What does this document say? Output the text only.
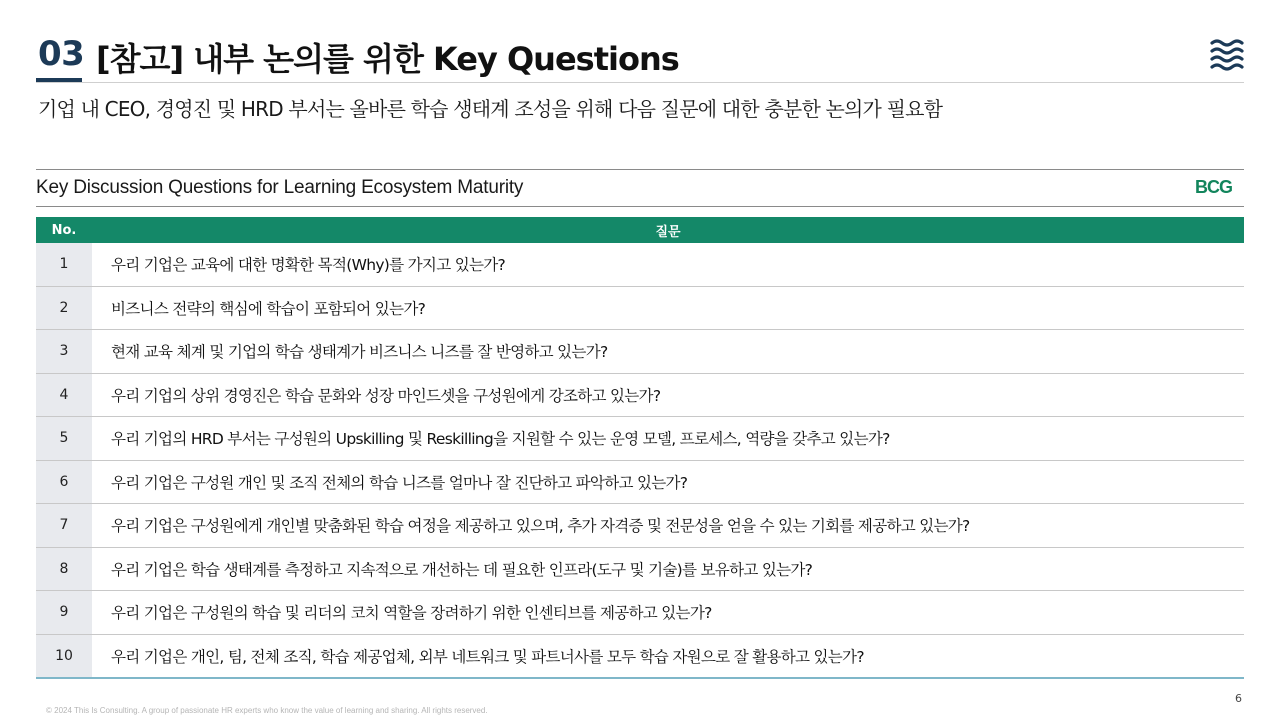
03 [참고] 내부 논의를 위한 Key Questions
기업 내 CEO, 경영진 및 HRD 부서는 올바른 학습 생태계 조성을 위해 다음 질문에 대한 충분한 논의가 필요함
Key Discussion Questions for Learning Ecosystem Maturity	BCG
No.	질문
1	우리 기업은 교육에 대한 명확한 목적(Why)를 가지고 있는가?
2	비즈니스 전략의 핵심에 학습이 포함되어 있는가?
3	현재 교육 체계 및 기업의 학습 생태계가 비즈니스 니즈를 잘 반영하고 있는가?
4	우리 기업의 상위 경영진은 학습 문화와 성장 마인드셋을 구성원에게 강조하고 있는가?
5	우리 기업의 HRD 부서는 구성원의 Upskilling 및 Reskilling을 지원할 수 있는 운영 모델, 프로세스, 역량을 갖추고 있는가?
6	우리 기업은 구성원 개인 및 조직 전체의 학습 니즈를 얼마나 잘 진단하고 파악하고 있는가?
7	우리 기업은 구성원에게 개인별 맞춤화된 학습 여정을 제공하고 있으며, 추가 자격증 및 전문성을 얻을 수 있는 기회를 제공하고 있는가?
8	우리 기업은 학습 생태계를 측정하고 지속적으로 개선하는 데 필요한 인프라(도구 및 기술)를 보유하고 있는가?
9	우리 기업은 구성원의 학습 및 리더의 코치 역할을 장려하기 위한 인센티브를 제공하고 있는가?
10	우리 기업은 개인, 팀, 전체 조직, 학습 제공업체, 외부 네트워크 및 파트너사를 모두 학습 자원으로 잘 활용하고 있는가?
6
© 2024 This Is Consulting. A group of passionate HR experts who know the value of learning and sharing. All rights reserved.
